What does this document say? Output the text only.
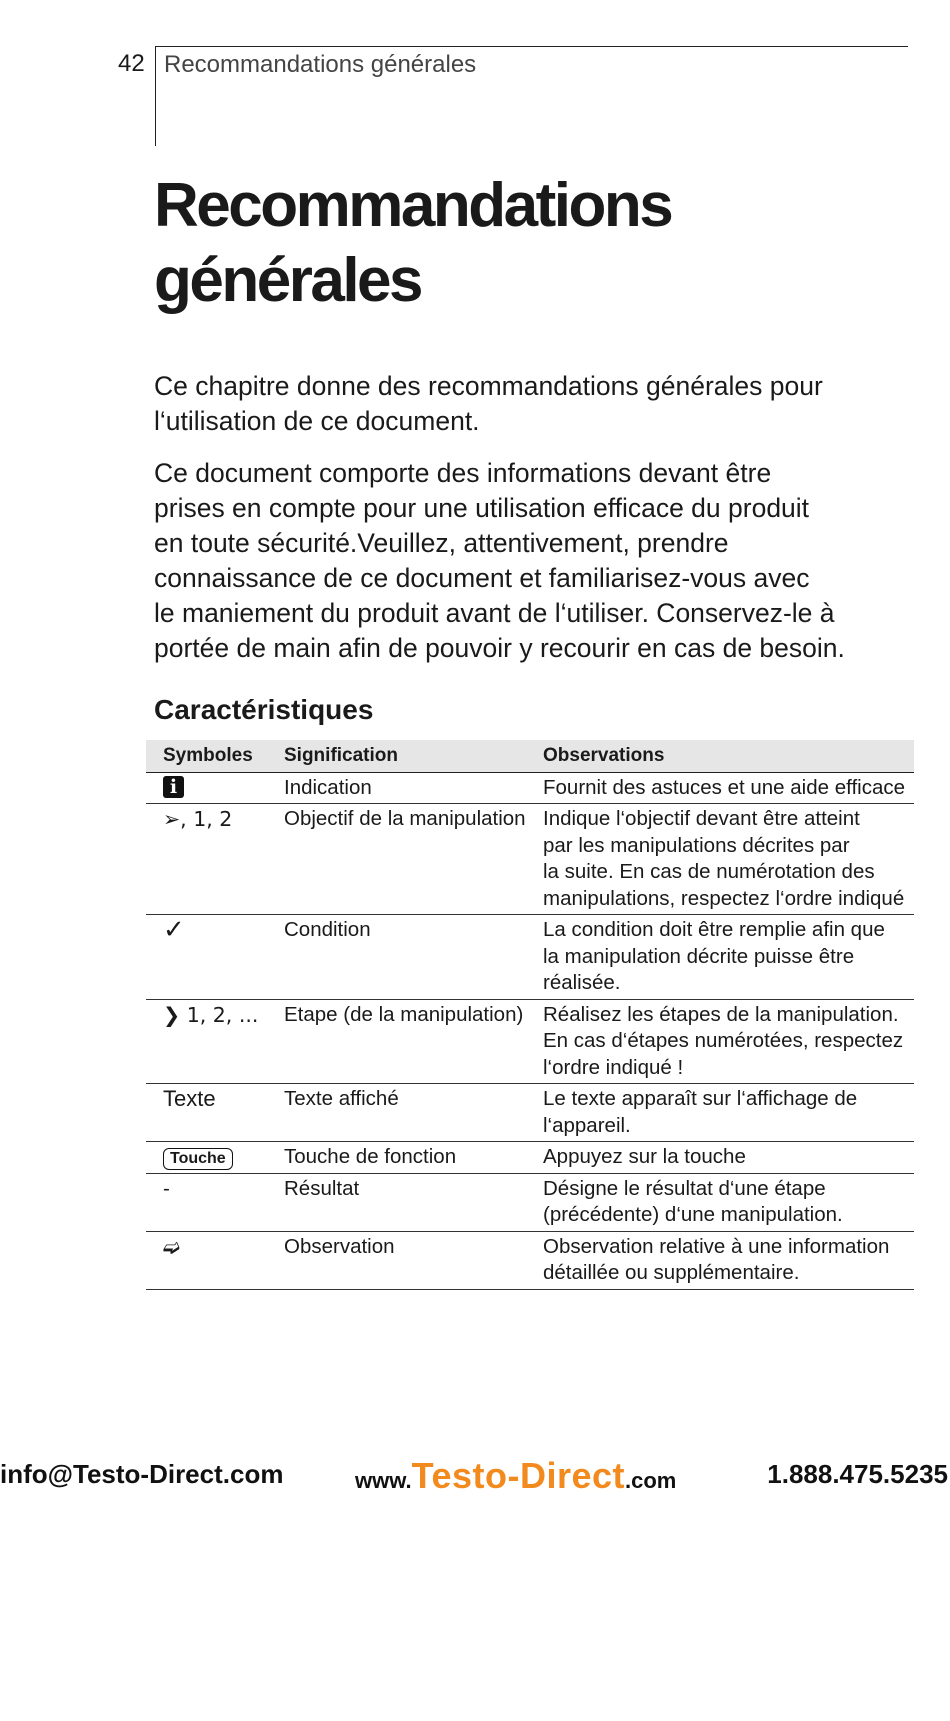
42 Recommandations générales
Recommandations
générales

Ce chapitre donne des recommandations générales pour
l‘utilisation de ce document.

Ce document comporte des informations devant être
prises en compte pour une utilisation efficace du produit
en toute sécurité.Veuillez, attentivement, prendre
connaissance de ce document et familiarisez-vous avec
le maniement du produit avant de l‘utiliser. Conservez-le à
portée de main afin de pouvoir y recourir en cas de besoin.

Caractéristiques
Symboles	Signification	Observations
i	Indication	Fournit des astuces et une aide efficace
➢, 1, 2	Objectif de la manipulation	Indique l‘objectif devant être atteint
par les manipulations décrites par
la suite. En cas de numérotation des
manipulations, respectez l‘ordre indiqué
✓	Condition	La condition doit être remplie afin que
la manipulation décrite puisse être
réalisée.
❯ 1, 2, ...	Etape (de la manipulation)	Réalisez les étapes de la manipulation.
En cas d‘étapes numérotées, respectez
l‘ordre indiqué !
Texte	Texte affiché	Le texte apparaît sur l‘affichage de
l‘appareil.
Touche	Touche de fonction	Appuyez sur la touche
-	Résultat	Désigne le résultat d‘une étape
(précédente) d‘une manipulation.
➫	Observation	Observation relative à une information
détaillée ou supplémentaire.
info@Testo-Direct.com	www.Testo-Direct.com	1.888.475.5235
